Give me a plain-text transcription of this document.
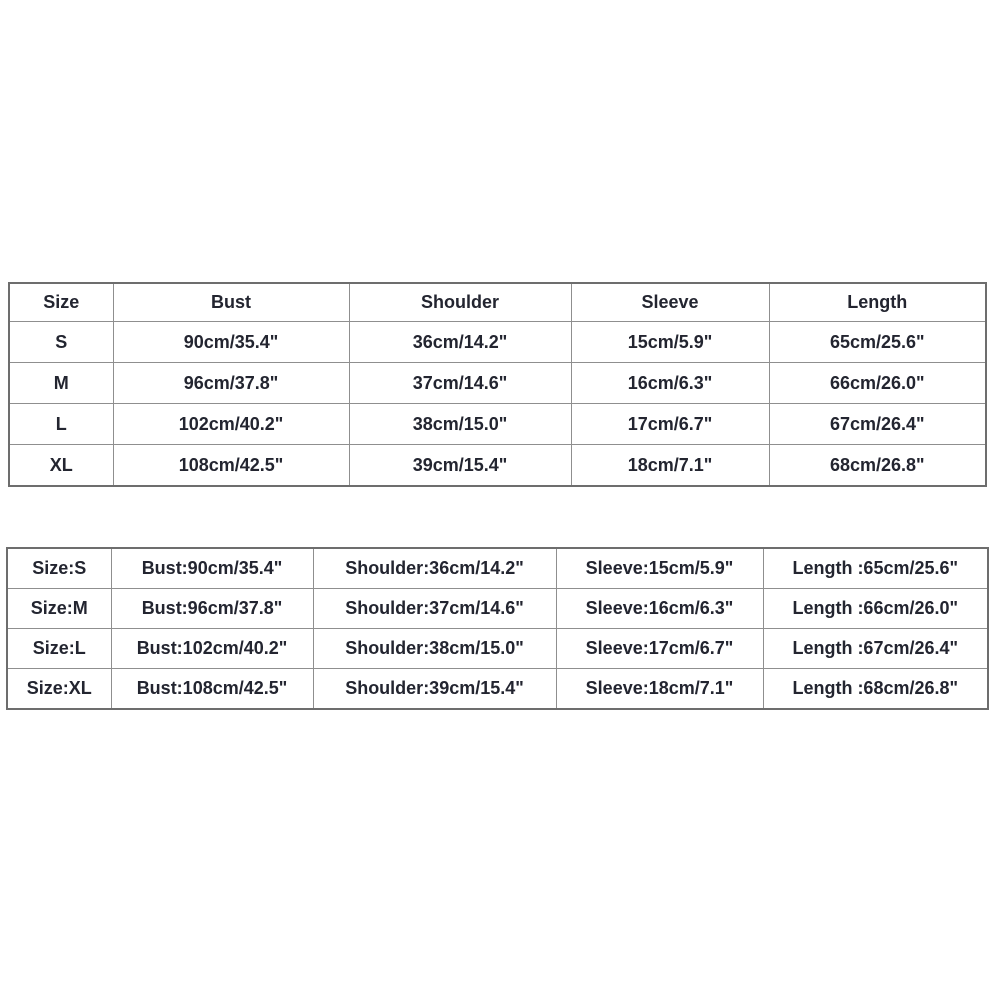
Size	Bust	Shoulder	Sleeve	Length
S	90cm/35.4"	36cm/14.2"	15cm/5.9"	65cm/25.6"
M	96cm/37.8"	37cm/14.6"	16cm/6.3"	66cm/26.0"
L	102cm/40.2"	38cm/15.0"	17cm/6.7"	67cm/26.4"
XL	108cm/42.5"	39cm/15.4"	18cm/7.1"	68cm/26.8"
Size:S	Bust:90cm/35.4"	Shoulder:36cm/14.2"	Sleeve:15cm/5.9"	Length :65cm/25.6"
Size:M	Bust:96cm/37.8"	Shoulder:37cm/14.6"	Sleeve:16cm/6.3"	Length :66cm/26.0"
Size:L	Bust:102cm/40.2"	Shoulder:38cm/15.0"	Sleeve:17cm/6.7"	Length :67cm/26.4"
Size:XL	Bust:108cm/42.5"	Shoulder:39cm/15.4"	Sleeve:18cm/7.1"	Length :68cm/26.8"
